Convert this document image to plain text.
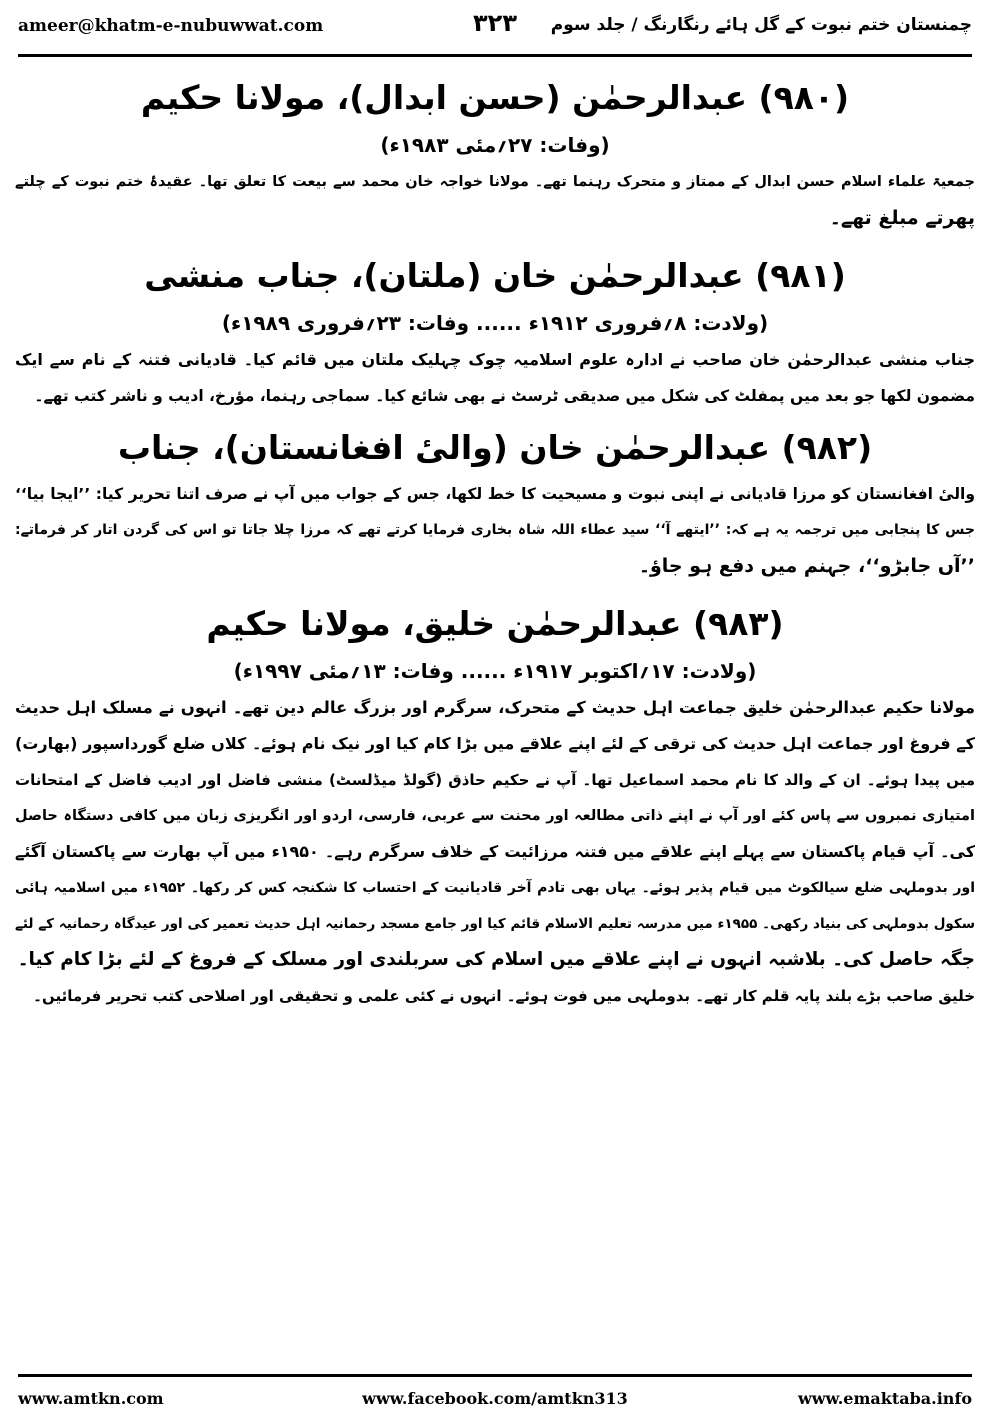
ameer@khatm-e-nubuwwat.com	۳۲۳ چمنستان ختم نبوت کے گل ہائے رنگارنگ / جلد سوم
(۹۸۰) عبدالرحمٰن (حسن ابدال)، مولانا حکیم

(وفات: ۲۷؍مئی ۱۹۸۳ء)

جمعیۃ علماء اسلام حسن ابدال کے ممتاز و متحرک رہنما تھے۔ مولانا خواجہ خان محمد سے بیعت کا تعلق تھا۔ عقیدۂ ختم نبوت کے چلتے
پھرتے مبلغ تھے۔
(۹۸۱) عبدالرحمٰن خان (ملتان)، جناب منشی

(ولادت: ۸؍فروری ۱۹۱۲ء ...... وفات: ۲۳؍فروری ۱۹۸۹ء)

جناب منشی عبدالرحمٰن خان صاحب نے ادارہ علوم اسلامیہ چوک چہلیک ملتان میں قائم کیا۔ قادیانی فتنہ کے نام سے ایک
مضمون لکھا جو بعد میں پمفلٹ کی شکل میں صدیقی ٹرسٹ نے بھی شائع کیا۔ سماجی رہنما، مؤرخ، ادیب و ناشر کتب تھے۔
(۹۸۲) عبدالرحمٰن خان (والیٔ افغانستان)، جناب
والیٔ افغانستان کو مرزا قادیانی نے اپنی نبوت و مسیحیت کا خط لکھا، جس کے جواب میں آپ نے صرف اتنا تحریر کیا: ’’ایجا بیا‘‘
جس کا پنجابی میں ترجمہ یہ ہے کہ: ’’ایتھے آ‘‘ سید عطاء اللہ شاہ بخاری فرمایا کرتے تھے کہ مرزا چلا جاتا تو اس کی گردن اتار کر فرماتے:
’’آں جابڑو‘‘، جہنم میں دفع ہو جاؤ۔
(۹۸۳) عبدالرحمٰن خلیق، مولانا حکیم

(ولادت: ۱۷؍اکتوبر ۱۹۱۷ء ...... وفات: ۱۳؍مئی ۱۹۹۷ء)

مولانا حکیم عبدالرحمٰن خلیق جماعت اہل حدیث کے متحرک، سرگرم اور بزرگ عالم دین تھے۔ انہوں نے مسلک اہل حدیث
کے فروغ اور جماعت اہل حدیث کی ترقی کے لئے اپنے علاقے میں بڑا کام کیا اور نیک نام ہوئے۔ کلاں ضلع گورداسپور (بھارت)
میں پیدا ہوئے۔ ان کے والد کا نام محمد اسماعیل تھا۔ آپ نے حکیم حاذق (گولڈ میڈلسٹ) منشی فاضل اور ادیب فاضل کے امتحانات
امتیازی نمبروں سے پاس کئے اور آپ نے اپنے ذاتی مطالعہ اور محنت سے عربی، فارسی، اردو اور انگریزی زبان میں کافی دستگاہ حاصل
کی۔ آپ قیام پاکستان سے پہلے اپنے علاقے میں فتنہ مرزائیت کے خلاف سرگرم رہے۔ ۱۹۵۰ء میں آپ بھارت سے پاکستان آگئے
اور بدوملہی ضلع سیالکوٹ میں قیام پذیر ہوئے۔ یہاں بھی تادم آخر قادیانیت کے احتساب کا شکنجہ کس کر رکھا۔ ۱۹۵۲ء میں اسلامیہ ہائی
سکول بدوملہی کی بنیاد رکھی۔ ۱۹۵۵ء میں مدرسہ تعلیم الاسلام قائم کیا اور جامع مسجد رحمانیہ اہل حدیث تعمیر کی اور عیدگاہ رحمانیہ کے لئے
جگہ حاصل کی۔ بلاشبہ انہوں نے اپنے علاقے میں اسلام کی سربلندی اور مسلک کے فروغ کے لئے بڑا کام کیا۔
خلیق صاحب بڑے بلند پایہ قلم کار تھے۔ بدوملہی میں فوت ہوئے۔ انہوں نے کئی علمی و تحقیقی اور اصلاحی کتب تحریر فرمائیں۔
www.amtkn.com	www.facebook.com/amtkn313	www.emaktaba.info
